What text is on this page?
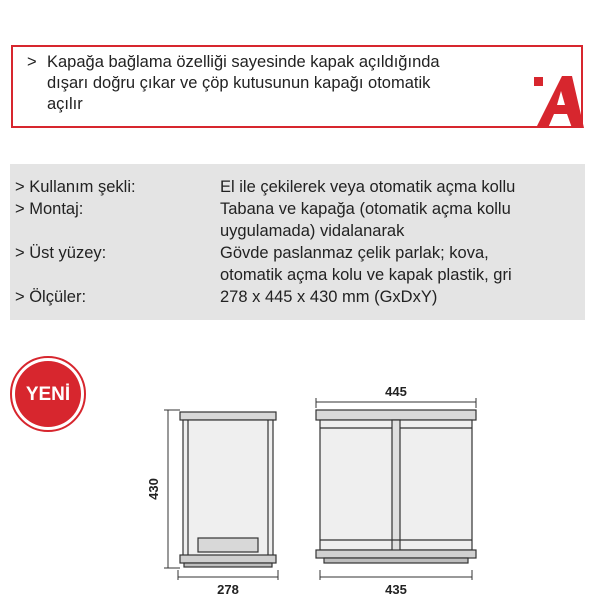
> Kapağa bağlama özelliği sayesinde kapak açıldığında
dışarı doğru çıkar ve çöp kutusunun kapağı otomatik
açılır
> Kullanım şekli:	El ile çekilerek veya otomatik açma kollu
> Montaj:	Tabana ve kapağa (otomatik açma kollu
uygulamada) vidalanarak
> Üst yüzey:	Gövde paslanmaz çelik parlak; kova,
otomatik açma kolu ve kapak plastik, gri
> Ölçüler:	278 x 445 x 430 mm (GxDxY)
YENİ
430
278
445
435
